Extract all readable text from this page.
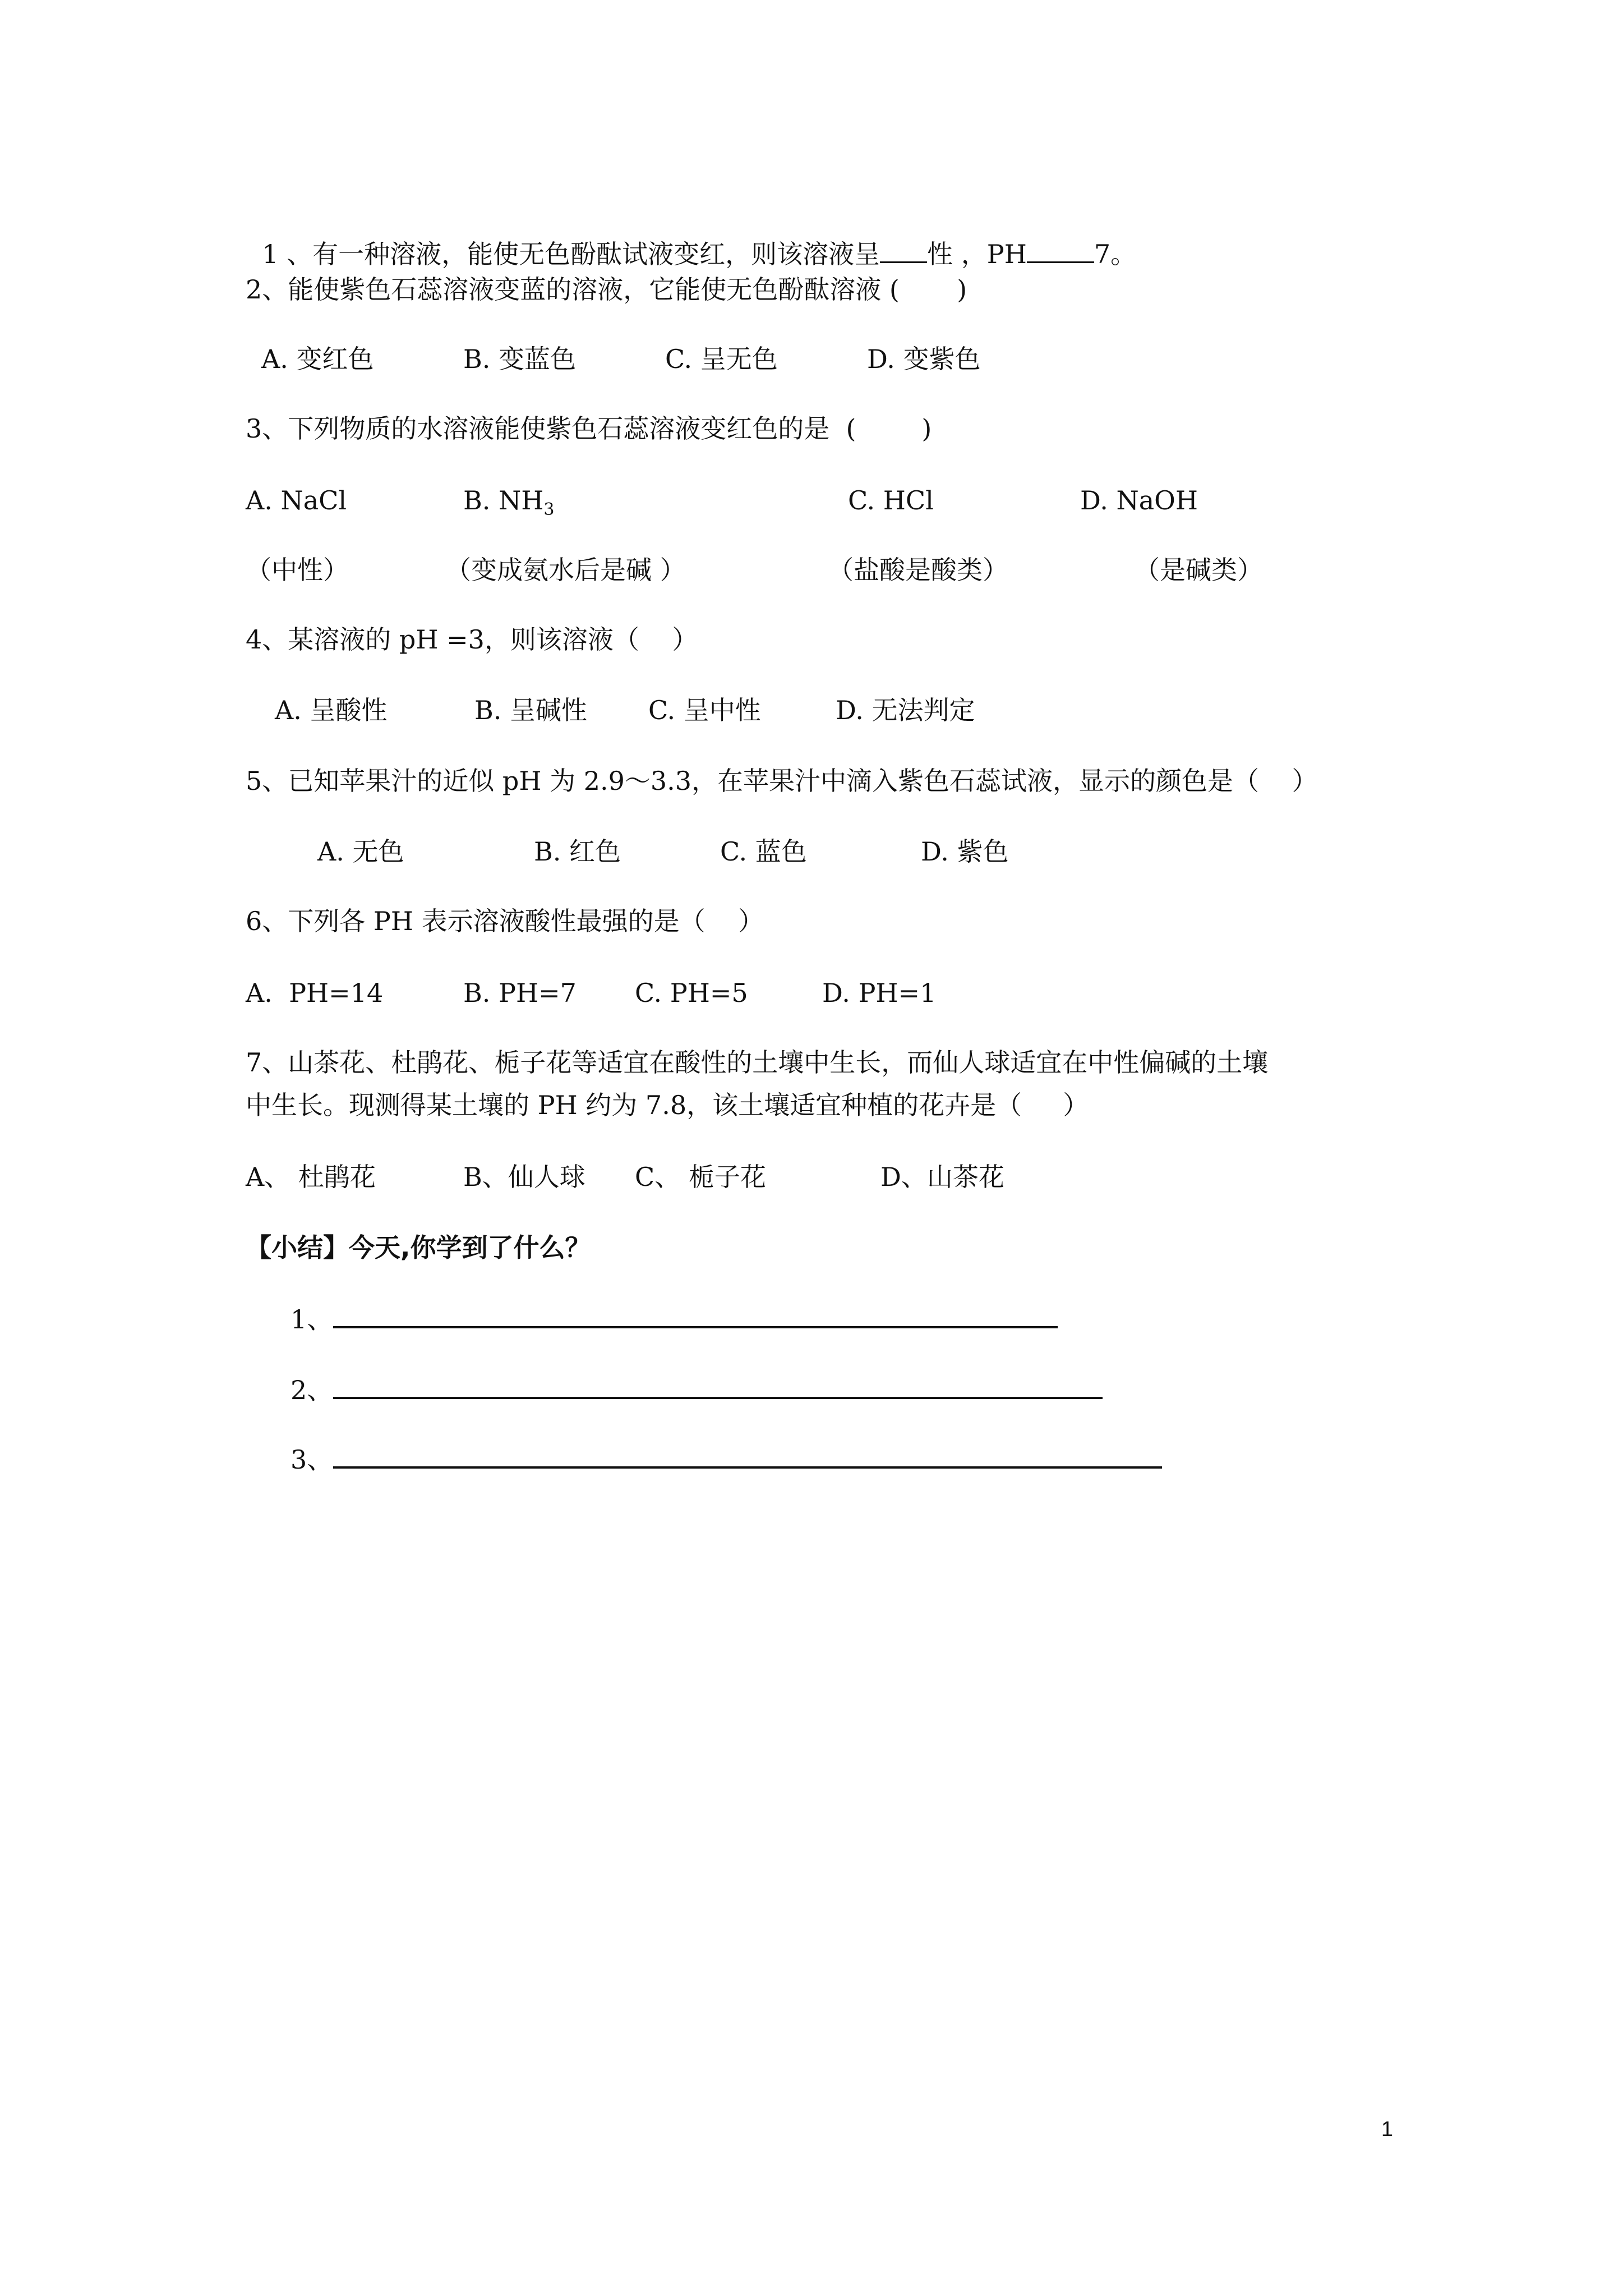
1 、有一种溶液，能使无色酚酞试液变红，则该溶液呈 性 ，PH	7。

2、能使紫色石蕊溶液变蓝的溶液，它能使无色酚酞溶液 (       )
A. 变红色	B. 变蓝色	C. 呈无色	D. 变紫色
3、下列物质的水溶液能使紫色石蕊溶液变红色的是  (        )
A. NaCl	B. $NH_3$	C. HCl	D. NaOH
（中性）	（变成氨水后是碱 ）	（盐酸是酸类）	（是碱类）
4、某溶液的 pH =3，则该溶液（    ）
A. 呈酸性	B. 呈碱性 C. 呈中性	D. 无法判定
5、已知苹果汁的近似 pH 为 2.9～3.3，在苹果汁中滴入紫色石蕊试液，显示的颜色是（    ）
A. 无色	B. 红色	C. 蓝色	D. 紫色
6、下列各 PH 表示溶液酸性最强的是（    ）
A.  PH=14	B. PH=7 C. PH=5	D. PH=1
7、山茶花、杜鹃花、栀子花等适宜在酸性的土壤中生长，而仙人球适宜在中性偏碱的土壤
中生长。现测得某土壤的 PH 约为 7.8，该土壤适宜种植的花卉是（     ）
A、 杜鹃花	B、仙人球 C、 栀子花	D、山茶花
【小结】今天,你学到了什么？
1、
2、
3、
1
